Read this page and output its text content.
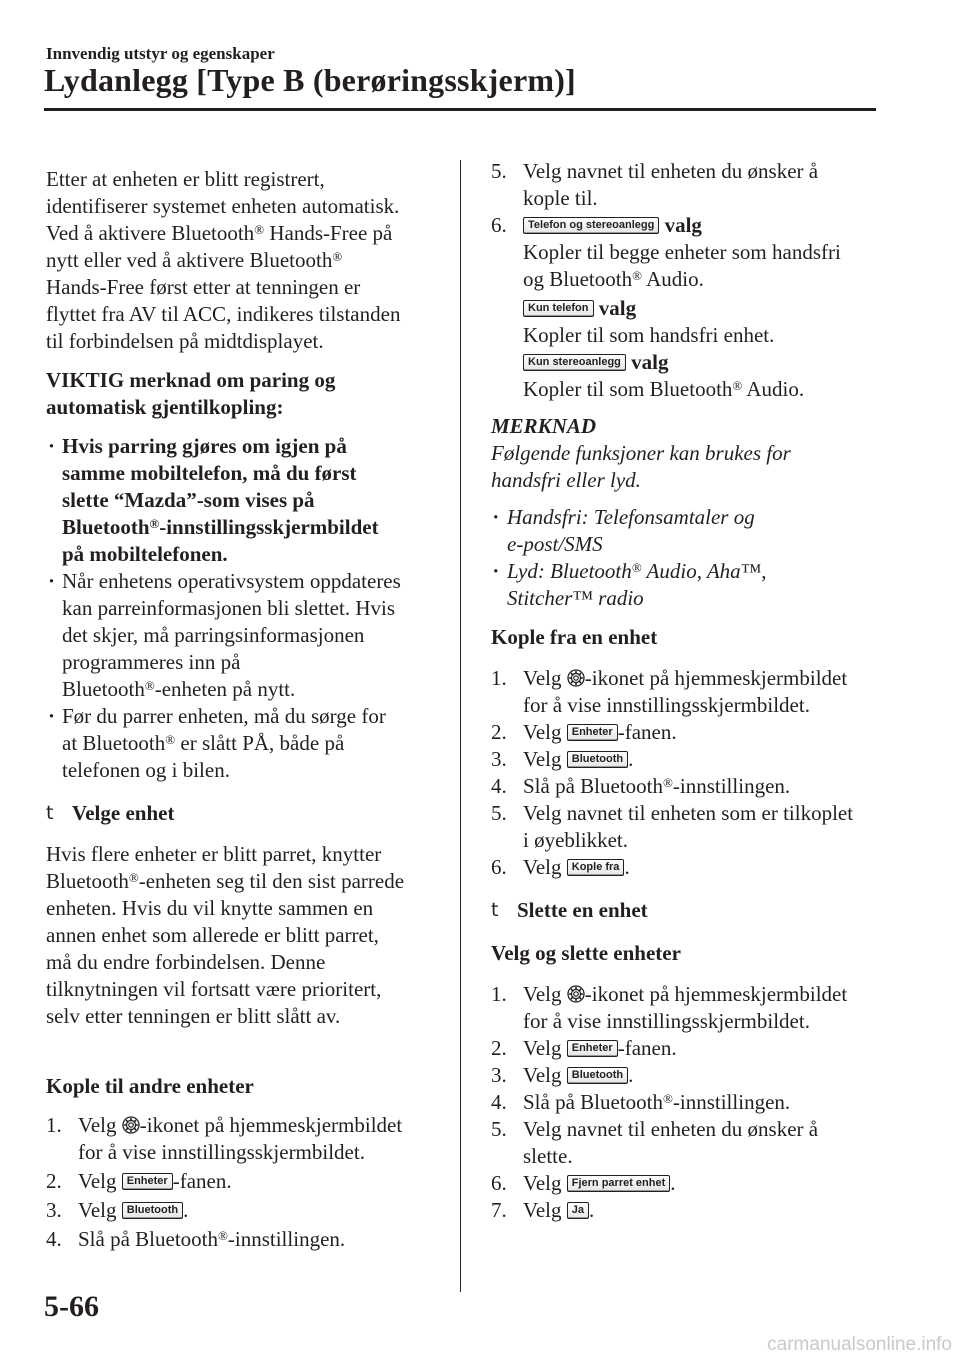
Innvendig utstyr og egenskaper
Lydanlegg [Type B (berøringsskjerm)]

Etter at enheten er blitt registrert,

identifiserer systemet enheten automatisk.

Ved å aktivere Bluetooth® Hands-Free på

nytt eller ved å aktivere Bluetooth®

Hands-Free først etter at tenningen er

flyttet fra AV til ACC, indikeres tilstanden

til forbindelsen på midtdisplayet.

VIKTIG merknad om paring og

automatisk gjentilkopling:

· Hvis parring gjøres om igjen på

samme mobiltelefon, må du først

slette “Mazda”-som vises på

Bluetooth®-innstillingsskjermbildet

på mobiltelefonen.

· Når enhetens operativsystem oppdateres

kan parreinformasjonen bli slettet. Hvis

det skjer, må parringsinformasjonen

programmeres inn på

Bluetooth®-enheten på nytt.

· Før du parrer enheten, må du sørge for

at Bluetooth® er slått PÅ, både på

telefonen og i bilen.

t Velge enhet

Hvis flere enheter er blitt parret, knytter

Bluetooth®-enheten seg til den sist parrede

enheten. Hvis du vil knytte sammen en

annen enhet som allerede er blitt parret,

må du endre forbindelsen. Denne

tilknytningen vil fortsatt være prioritert,

selv etter tenningen er blitt slått av.

Kople til andre enheter
1. Velg -ikonet på hjemmeskjermbildet

for å vise innstillingsskjermbildet.

2. Velg Enheter -fanen.

3. Velg Bluetooth .

4. Slå på Bluetooth®-innstillingen.

5. Velg navnet til enheten du ønsker å

kople til.

6.	Telefon og stereoanlegg valg

Kopler til begge enheter som handsfri

og Bluetooth® Audio.

Kun telefon valg

Kopler til som handsfri enhet.

Kun stereoanlegg valg

Kopler til som Bluetooth® Audio.

MERKNAD

Følgende funksjoner kan brukes for

handsfri eller lyd.

· Handsfri: Telefonsamtaler og

e-post/SMS

· Lyd: Bluetooth® Audio, Aha™,

Stitcher™ radio

Kople fra en enhet
1. Velg -ikonet på hjemmeskjermbildet

for å vise innstillingsskjermbildet.

2. Velg Enheter -fanen.

3. Velg Bluetooth .

4. Slå på Bluetooth®-innstillingen.

5. Velg navnet til enheten som er tilkoplet

i øyeblikket.

6. Velg Kople fra .

t Slette en enhet
Velg og slette enheter
1. Velg -ikonet på hjemmeskjermbildet

for å vise innstillingsskjermbildet.

2. Velg Enheter -fanen.

3. Velg Bluetooth .

4. Slå på Bluetooth®-innstillingen.

5. Velg navnet til enheten du ønsker å

slette.

6. Velg Fjern parret enhet .

7. Velg Ja .

5-66
carmanualsonline.info
